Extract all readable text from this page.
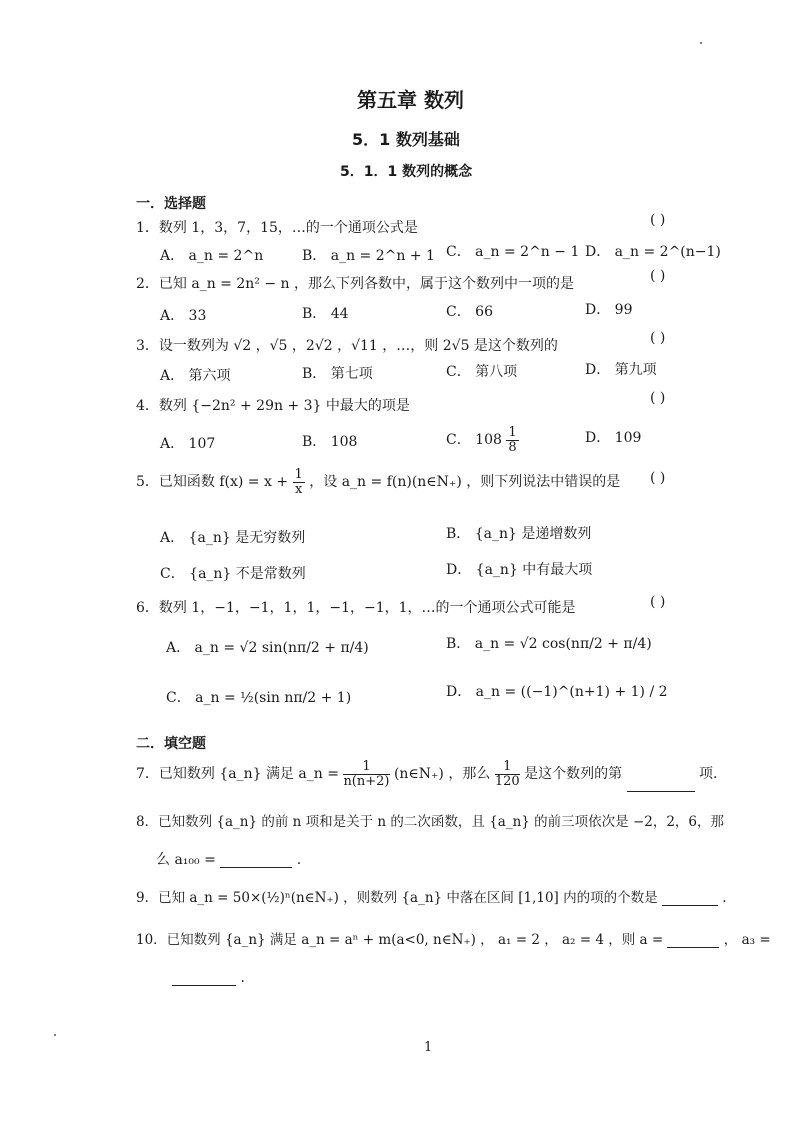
第五章 数列
5．1 数列基础
5．1．1 数列的概念
一．选择题
1．数列 1，3，7，15，…的一个通项公式是	( )
A． a_n = 2^n	B． a_n = 2^n + 1 C． a_n = 2^n − 1 D． a_n = 2^(n−1)
2．已知 a_n = 2n² − n ，那么下列各数中，属于这个数列中一项的是	( )
A． 33	B． 44	C． 66	D． 99
3．设一数列为 √2 ，√5 ，2√2 ，√11 ，…，则 2√5 是这个数列的	( )
A． 第六项	B． 第七项	C． 第八项	D． 第九项
4．数列 {−2n² + 29n + 3} 中最大的项是	( )
A． 107	B． 108	C． $108 \frac{1}{8}$	D． 109
5．已知函数 $f(x) = x + \frac{1}{x}$ ，设 a_n = f(n)(n∈N₊) ，则下列说法中错误的是 ( )
A． {a_n} 是无穷数列	B． {a_n} 是递增数列
C． {a_n} 不是常数列	D． {a_n} 中有最大项
6．数列 1，−1，−1，1，1，−1，−1，1，…的一个通项公式可能是	( )
A． a_n = √2 sin(nπ/2 + π/4)	B． a_n = √2 cos(nπ/2 + π/4)
C． a_n = ½(sin nπ/2 + 1)	D． a_n = ((−1)^(n+1) + 1) / 2
二．填空题
7．已知数列 {a_n} 满足 a_n = $\frac{1}{n(n+2)}$ (n∈N₊) ，那么 $\frac{1}{120}$ 是这个数列的第	项.
8．已知数列 {a_n} 的前 n 项和是关于 n 的二次函数，且 {a_n} 的前三项依次是 −2，2，6，那
么 a₁₀₀ =	.
9．已知 a_n = 50×(½)ⁿ(n∈N₊) ，则数列 {a_n} 中落在区间 [1,10] 内的项的个数是	.
10．已知数列 {a_n} 满足 a_n = aⁿ + m(a<0, n∈N₊) ， a₁ = 2 ， a₂ = 4 ，则 a =	， a₃ =
.
1
